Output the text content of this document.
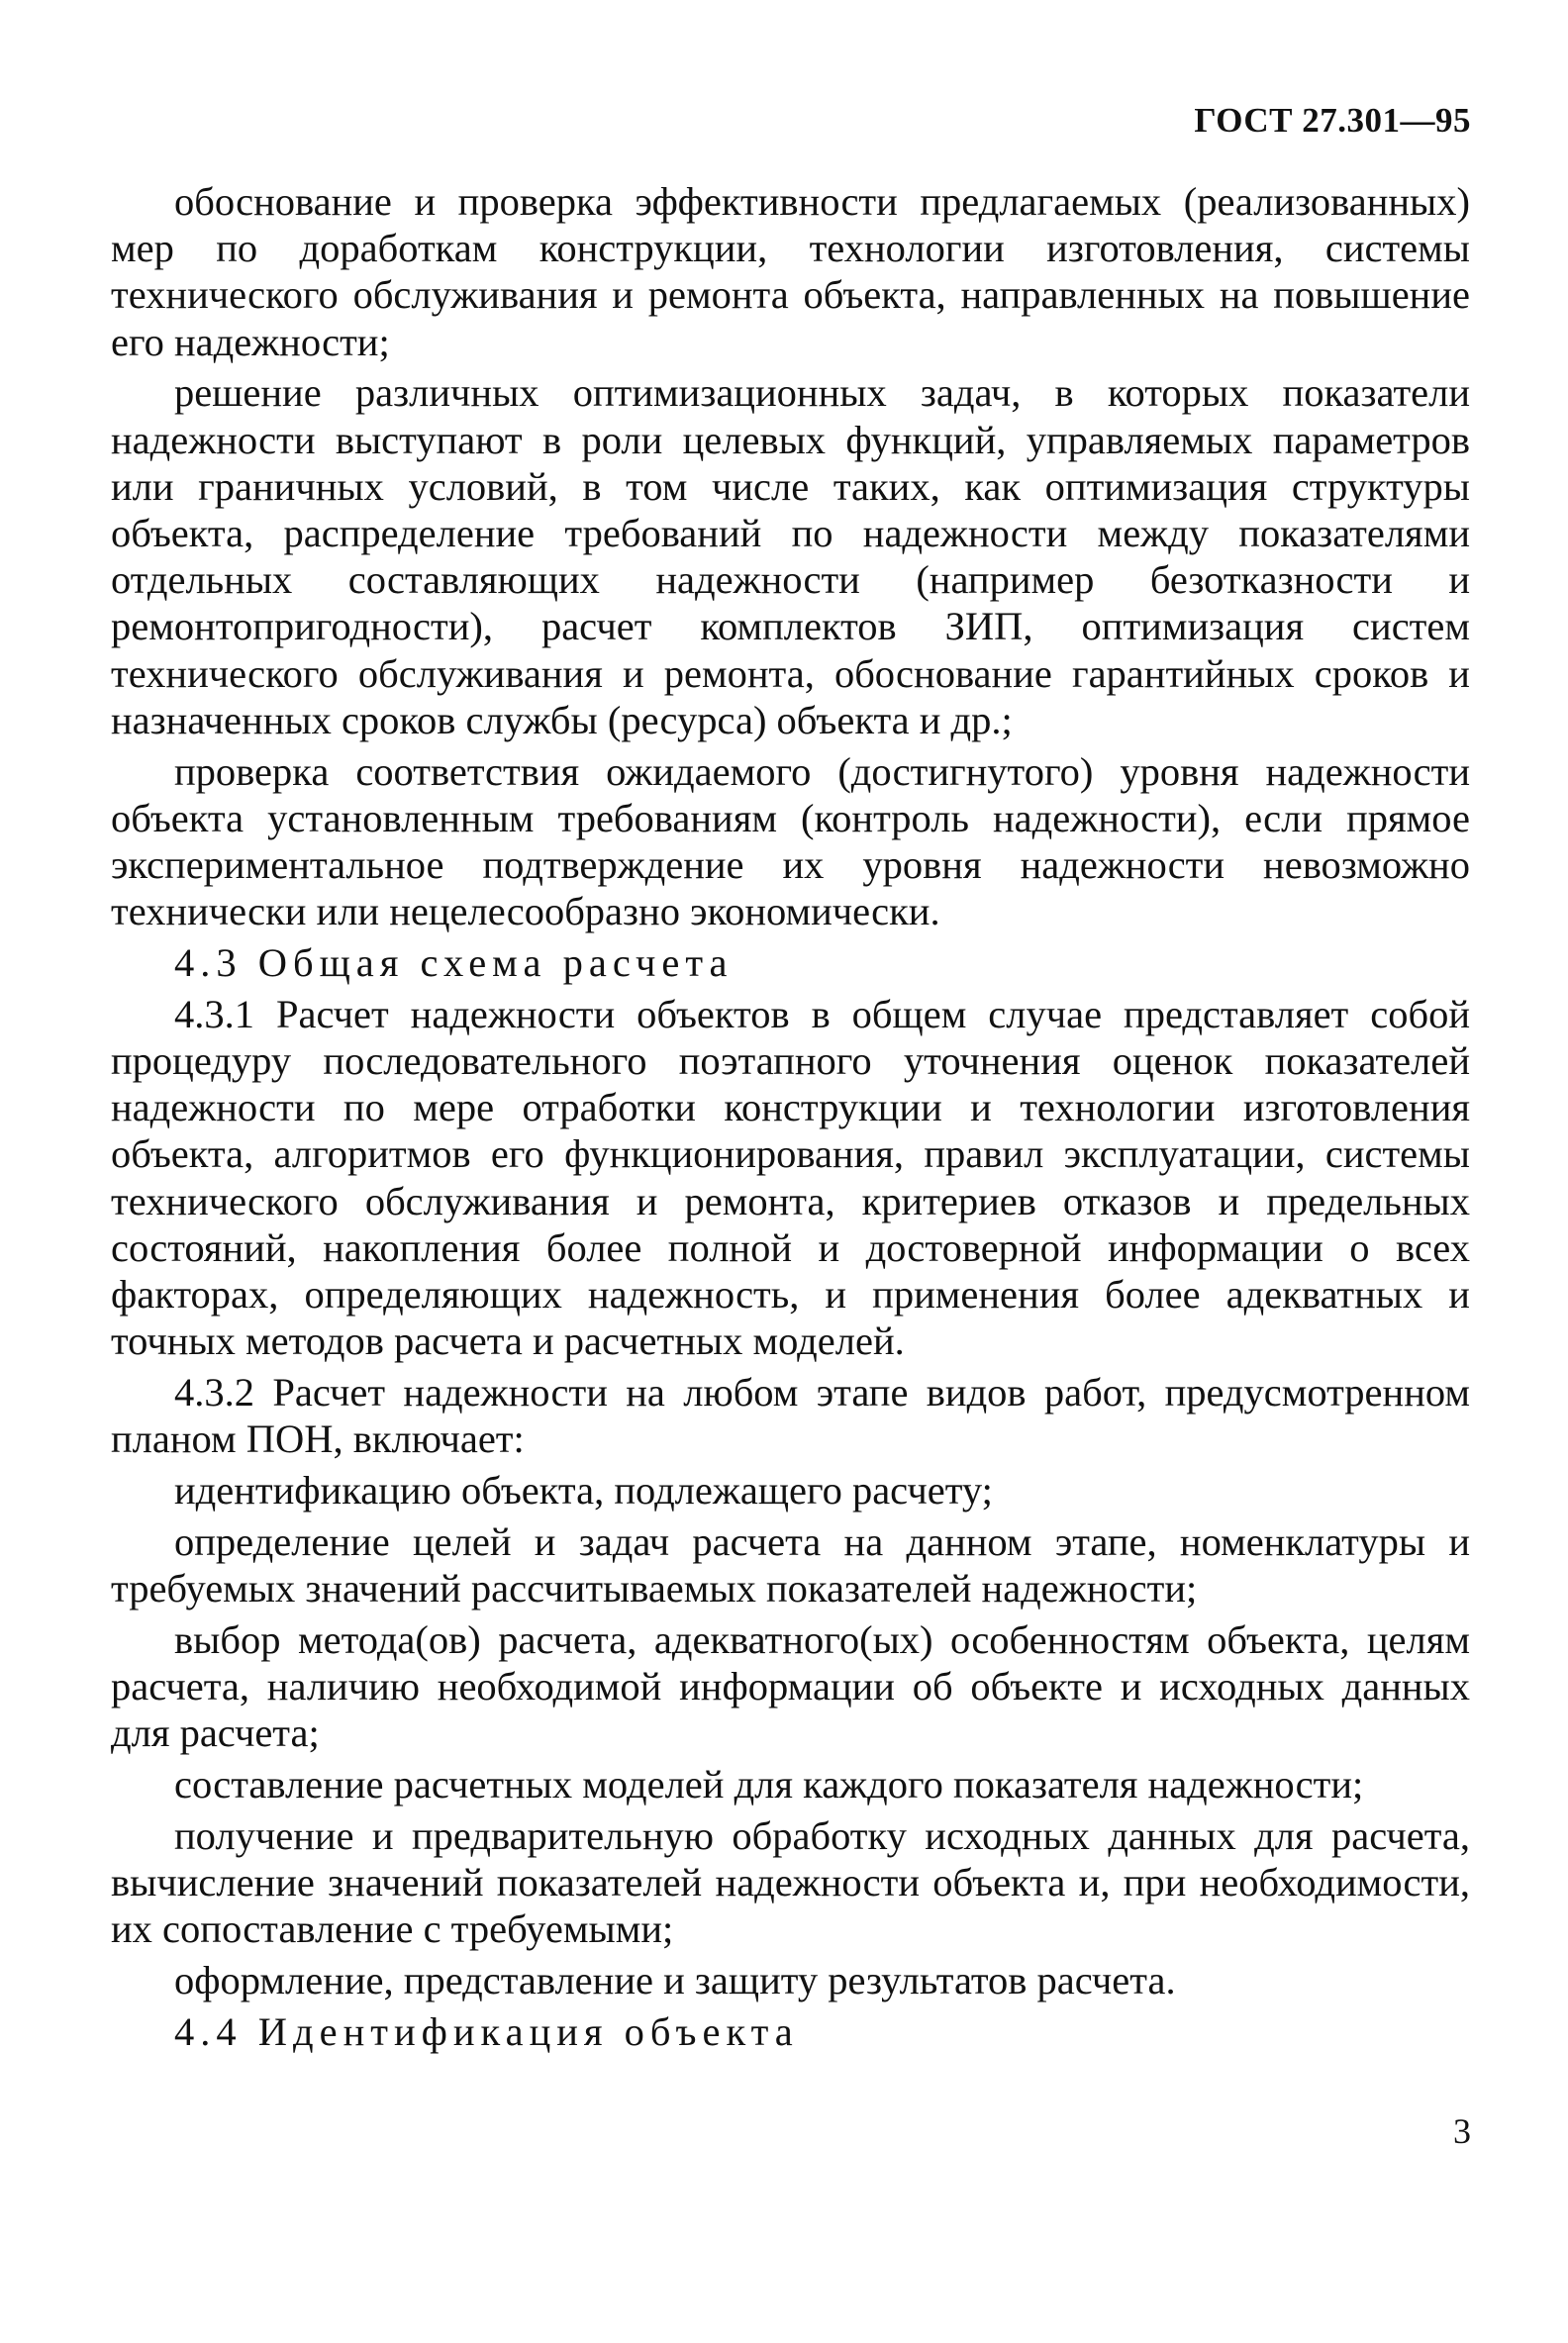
ГОСТ 27.301—95

обоснование и проверка эффективности предлагаемых (реализованных) мер по доработкам конструкции, технологии изготовления, системы технического обслуживания и ремонта объекта, направленных на повышение его надежности;

решение различных оптимизационных задач, в которых показатели надежности выступают в роли целевых функций, управляемых параметров или граничных условий, в том числе таких, как оптимизация структуры объекта, распределение требований по надежности между показателями отдельных составляющих надежности (например безотказности и ремонтопригодности), расчет комплектов ЗИП, оптимизация систем технического обслуживания и ремонта, обоснование гарантийных сроков и назначенных сроков службы (ресурса) объекта и др.;

проверка соответствия ожидаемого (достигнутого) уровня надежности объекта установленным требованиям (контроль надежности), если прямое экспериментальное подтверждение их уровня надежности невозможно технически или нецелесообразно экономически.

4.3 Общая схема расчета

4.3.1 Расчет надежности объектов в общем случае представляет собой процедуру последовательного поэтапного уточнения оценок показателей надежности по мере отработки конструкции и технологии изготовления объекта, алгоритмов его функционирования, правил эксплуатации, системы технического обслуживания и ремонта, критериев отказов и предельных состояний, накопления более полной и достоверной информации о всех факторах, определяющих надежность, и применения более адекватных и точных методов расчета и расчетных моделей.

4.3.2 Расчет надежности на любом этапе видов работ, предусмотренном планом ПОН, включает:

идентификацию объекта, подлежащего расчету;

определение целей и задач расчета на данном этапе, номенклатуры и требуемых значений рассчитываемых показателей надежности;

выбор метода(ов) расчета, адекватного(ых) особенностям объекта, целям расчета, наличию необходимой информации об объекте и исходных данных для расчета;

составление расчетных моделей для каждого показателя надежности;

получение и предварительную обработку исходных данных для расчета, вычисление значений показателей надежности объекта и, при необходимости, их сопоставление с требуемыми;

оформление, представление и защиту результатов расчета.

4.4 Идентификация объекта

3
